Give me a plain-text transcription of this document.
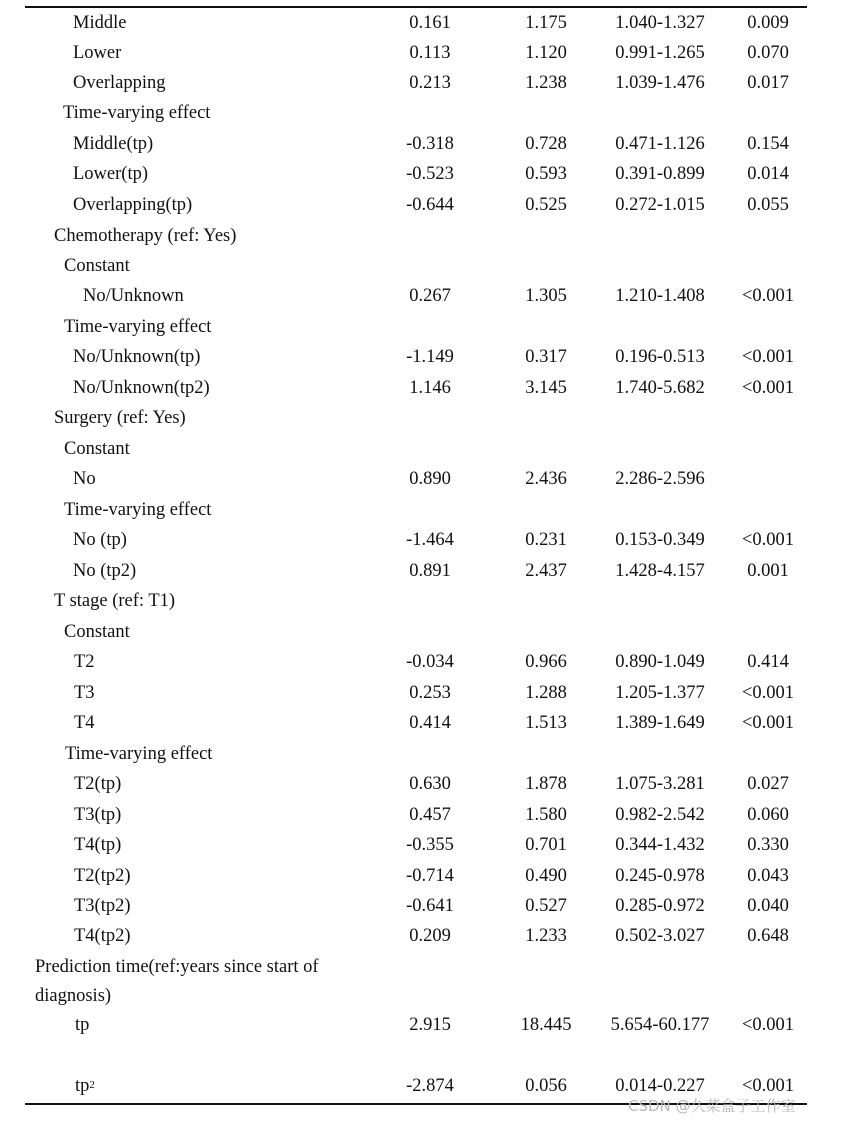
Middle	0.161	1.175	1.040-1.327	0.009
Lower	0.113	1.120	0.991-1.265	0.070
Overlapping	0.213	1.238	1.039-1.476	0.017
Time-varying effect
Middle(tp)	-0.318	0.728	0.471-1.126	0.154
Lower(tp)	-0.523	0.593	0.391-0.899	0.014
Overlapping(tp)	-0.644	0.525	0.272-1.015	0.055
Chemotherapy (ref: Yes)
Constant
No/Unknown	0.267	1.305	1.210-1.408	<0.001
Time-varying effect
No/Unknown(tp)	-1.149	0.317	0.196-0.513	<0.001
No/Unknown(tp2)	1.146	3.145	1.740-5.682	<0.001
Surgery (ref: Yes)
Constant
No	0.890	2.436	2.286-2.596
Time-varying effect
No (tp)	-1.464	0.231	0.153-0.349	<0.001
No (tp2)	0.891	2.437	1.428-4.157	0.001
T stage (ref: T1)
Constant
T2	-0.034	0.966	0.890-1.049	0.414
T3	0.253	1.288	1.205-1.377	<0.001
T4	0.414	1.513	1.389-1.649	<0.001
Time-varying effect
T2(tp)	0.630	1.878	1.075-3.281	0.027
T3(tp)	0.457	1.580	0.982-2.542	0.060
T4(tp)	-0.355	0.701	0.344-1.432	0.330
T2(tp2)	-0.714	0.490	0.245-0.978	0.043
T3(tp2)	-0.641	0.527	0.285-0.972	0.040
T4(tp2)	0.209	1.233	0.502-3.027	0.648
Prediction time(ref:years since start of
diagnosis)
tp	2.915	18.445	5.654-60.177	<0.001
$tp^2$	-2.874	0.056	0.014-0.227	<0.001
CSDN @久菜盒子工作室
